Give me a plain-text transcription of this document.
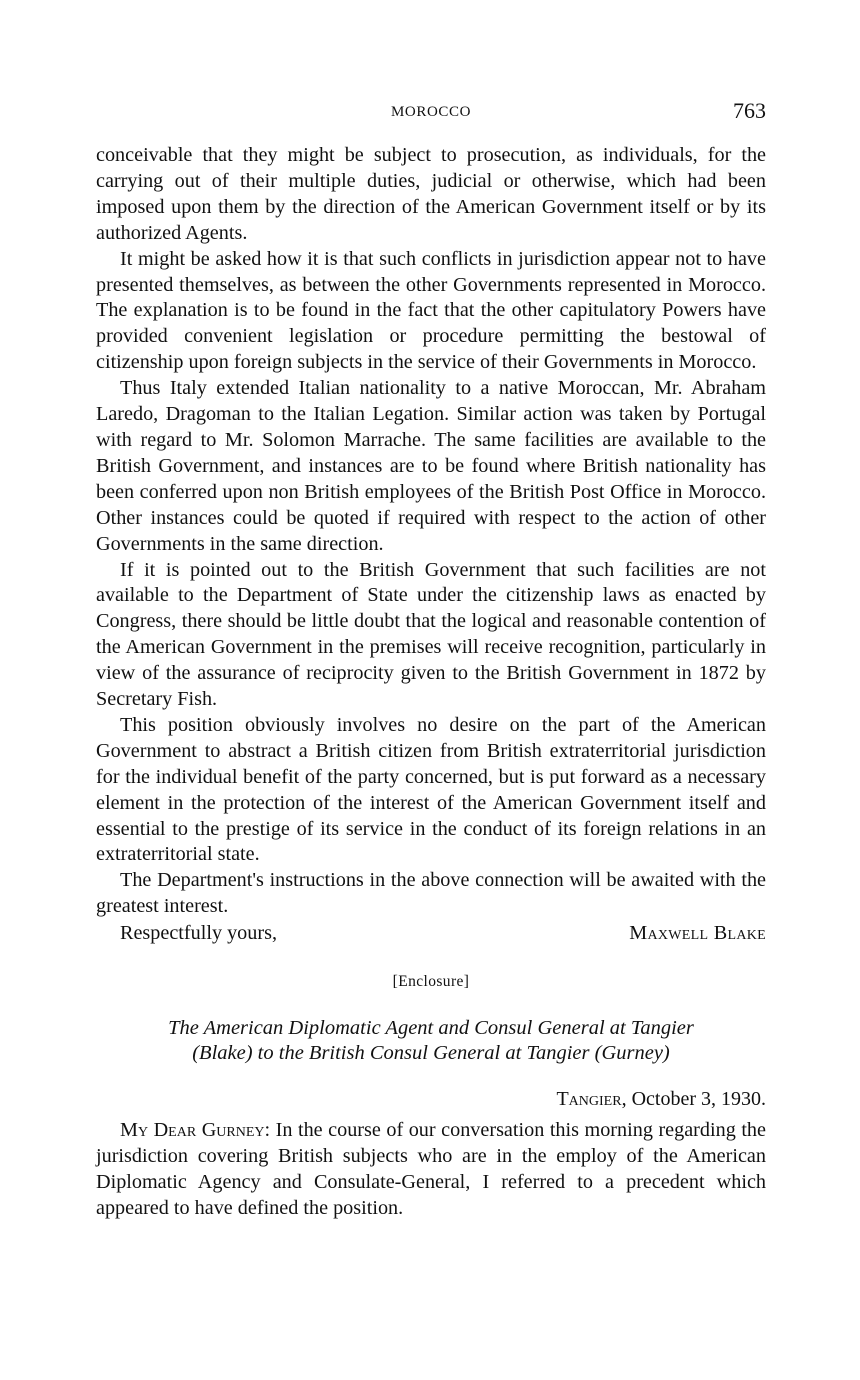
MOROCCO	763

conceivable that they might be subject to prosecution, as individuals, for the carrying out of their multiple duties, judicial or otherwise, which had been imposed upon them by the direction of the American Government itself or by its authorized Agents.

It might be asked how it is that such conflicts in jurisdiction appear not to have presented themselves, as between the other Governments represented in Morocco. The explanation is to be found in the fact that the other capitulatory Powers have provided convenient legislation or procedure permitting the bestowal of citizenship upon foreign subjects in the service of their Governments in Morocco.

Thus Italy extended Italian nationality to a native Moroccan, Mr. Abraham Laredo, Dragoman to the Italian Legation. Similar action was taken by Portugal with regard to Mr. Solomon Marrache. The same facilities are available to the British Government, and instances are to be found where British nationality has been conferred upon non British employees of the British Post Office in Morocco. Other instances could be quoted if required with respect to the action of other Governments in the same direction.

If it is pointed out to the British Government that such facilities are not available to the Department of State under the citizenship laws as enacted by Congress, there should be little doubt that the logical and reasonable contention of the American Government in the premises will receive recognition, particularly in view of the assurance of reciprocity given to the British Government in 1872 by Secretary Fish.

This position obviously involves no desire on the part of the American Government to abstract a British citizen from British extraterritorial jurisdiction for the individual benefit of the party concerned, but is put forward as a necessary element in the protection of the interest of the American Government itself and essential to the prestige of its service in the conduct of its foreign relations in an extraterritorial state.

The Department's instructions in the above connection will be awaited with the greatest interest.

Respectfully yours,	Maxwell Blake
[Enclosure]
The American Diplomatic Agent and Consul General at Tangier
(Blake) to the British Consul General at Tangier (Gurney)
Tangier, October 3, 1930.

My Dear Gurney: In the course of our conversation this morning regarding the jurisdiction covering British subjects who are in the employ of the American Diplomatic Agency and Consulate-General, I referred to a precedent which appeared to have defined the position.
